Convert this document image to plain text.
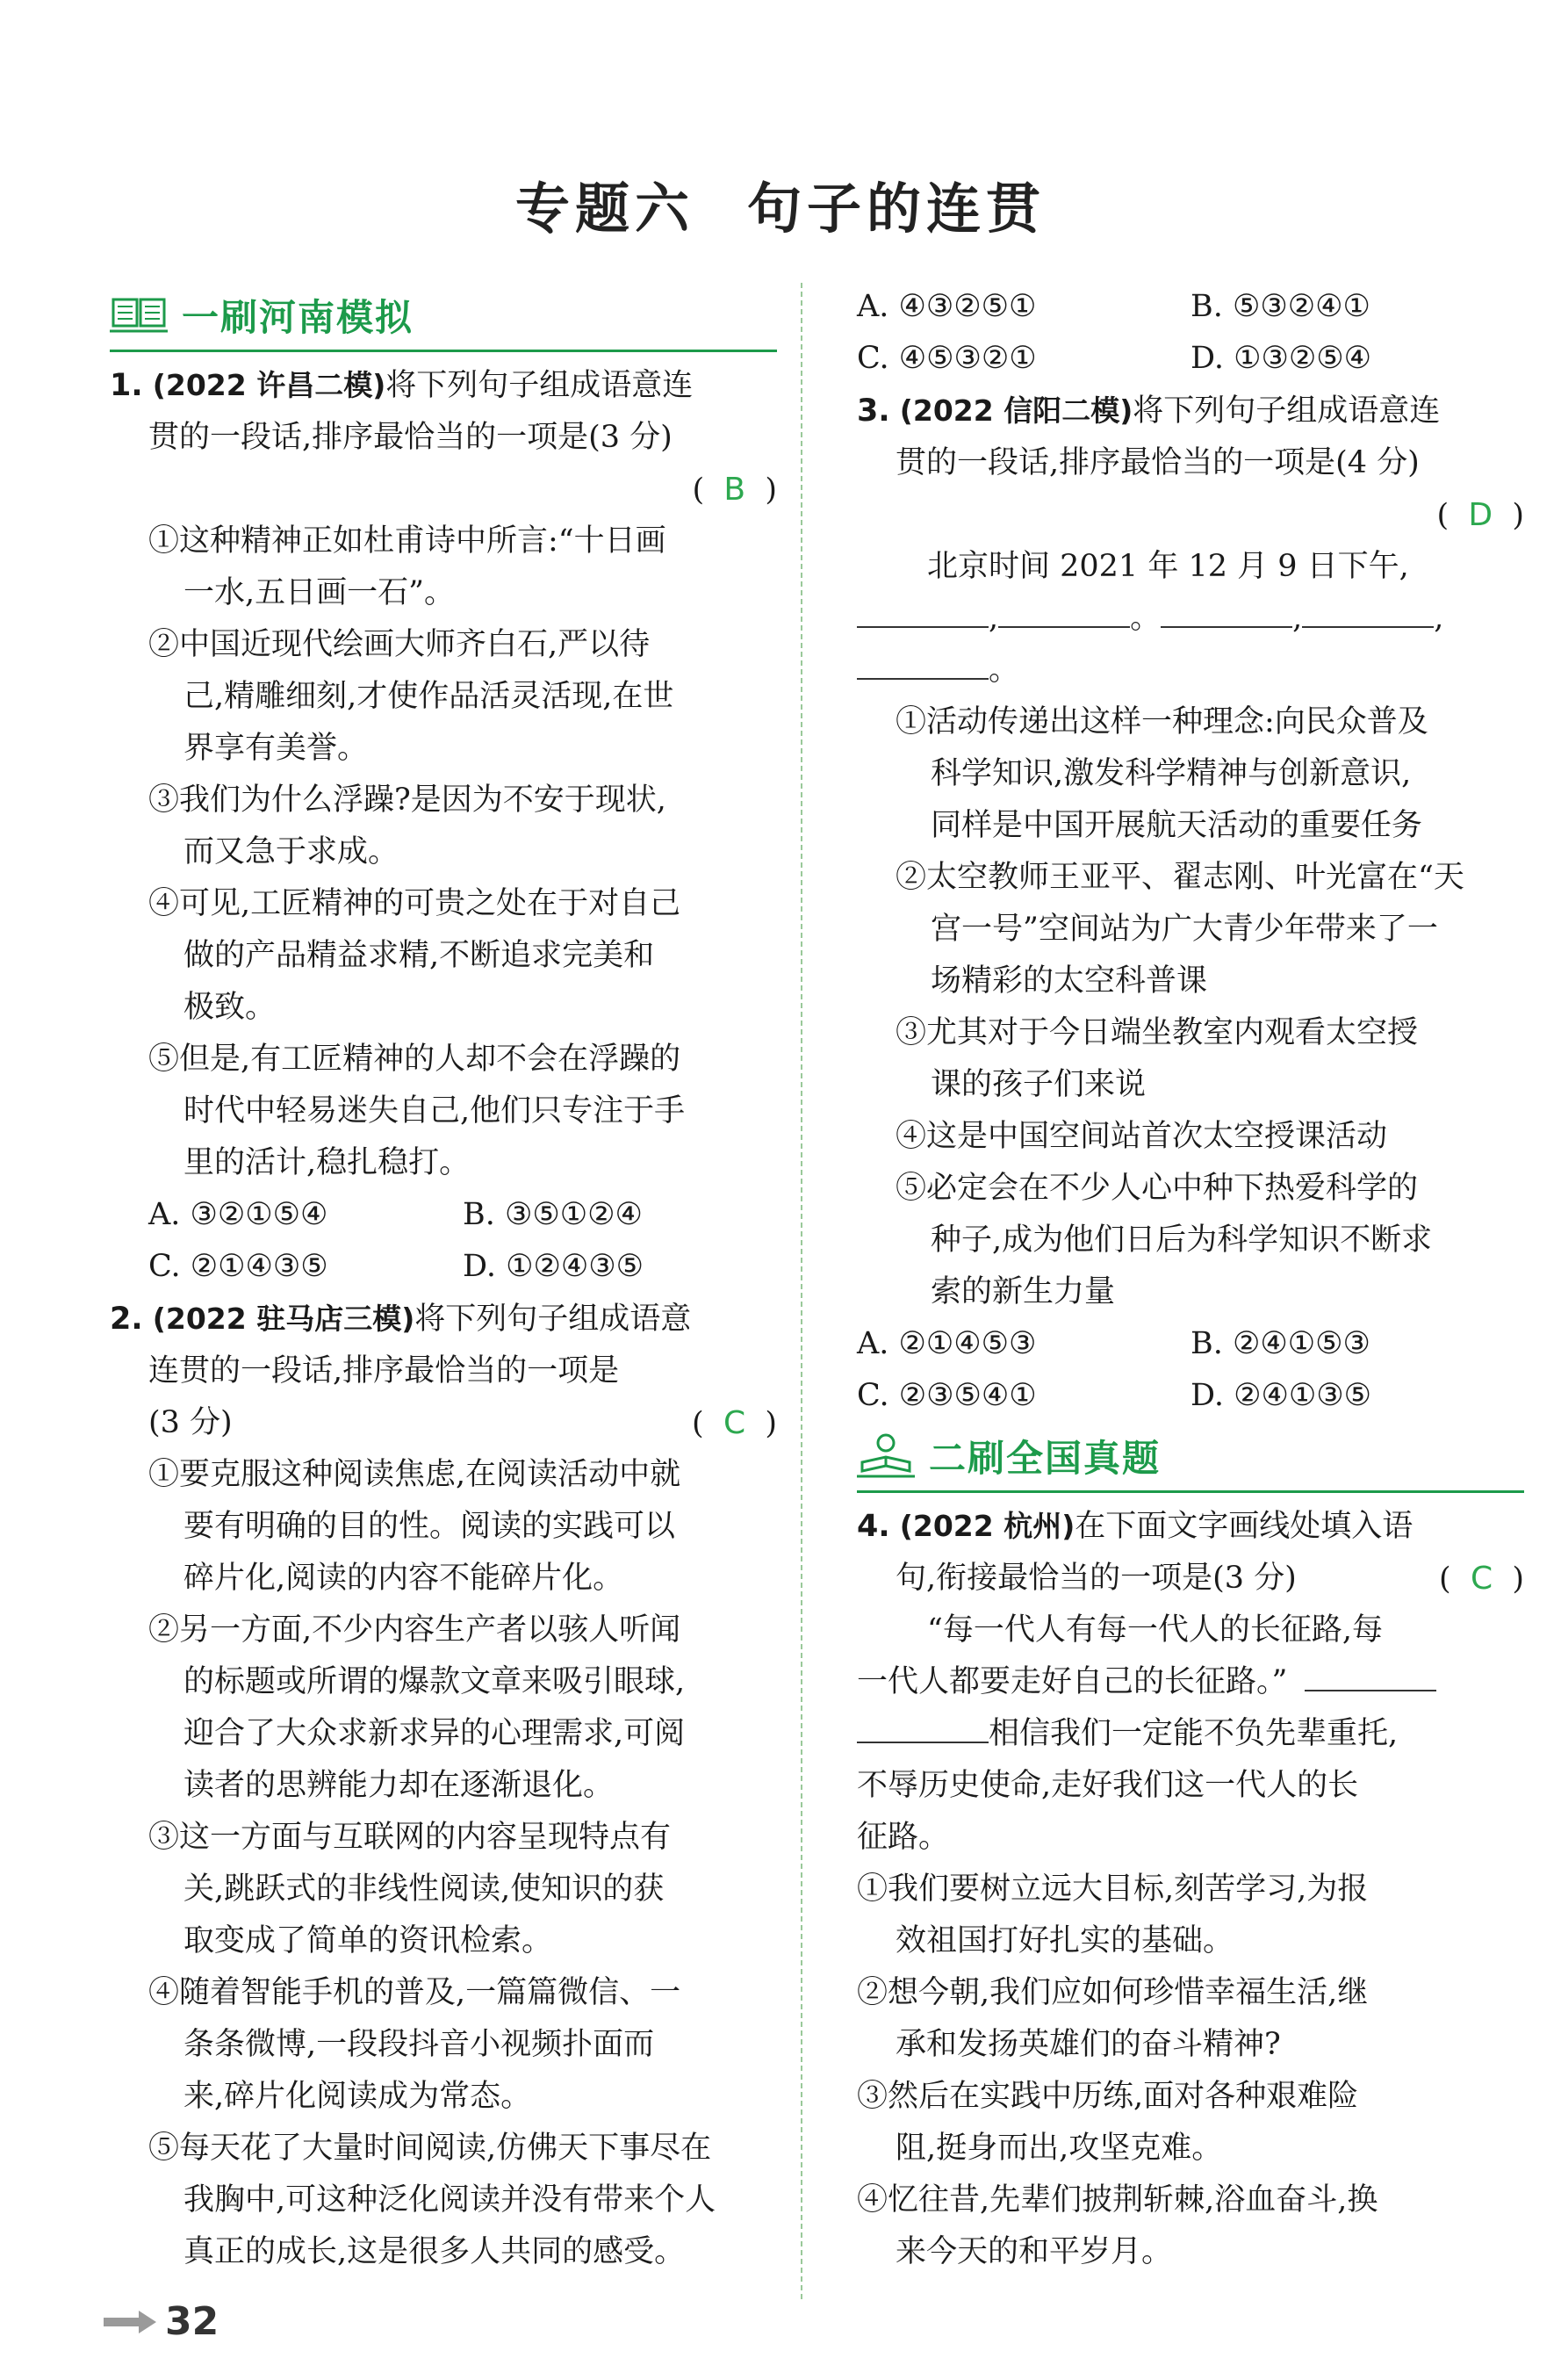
专题六 句子的连贯
一刷河南模拟
1. (2022 许昌二模)将下列句子组成语意连
贯的一段话,排序最恰当的一项是(3 分)
(  B  )

①这种精神正如杜甫诗中所言:“十日画
一水,五日画一石”。
②中国近现代绘画大师齐白石,严以待
己,精雕细刻,才使作品活灵活现,在世
界享有美誉。
③我们为什么浮躁?是因为不安于现状,
而又急于求成。
④可见,工匠精神的可贵之处在于对自己
做的产品精益求精,不断追求完美和
极致。
⑤但是,有工匠精神的人却不会在浮躁的
时代中轻易迷失自己,他们只专注于手
里的活计,稳扎稳打。
A. ③②①⑤④	B. ③⑤①②④
C. ②①④③⑤	D. ①②④③⑤
2. (2022 驻马店三模)将下列句子组成语意
连贯的一段话,排序最恰当的一项是
(3 分)	(  C  )
①要克服这种阅读焦虑,在阅读活动中就
要有明确的目的性。阅读的实践可以
碎片化,阅读的内容不能碎片化。
②另一方面,不少内容生产者以骇人听闻
的标题或所谓的爆款文章来吸引眼球,
迎合了大众求新求异的心理需求,可阅
读者的思辨能力却在逐渐退化。
③这一方面与互联网的内容呈现特点有
关,跳跃式的非线性阅读,使知识的获
取变成了简单的资讯检索。
④随着智能手机的普及,一篇篇微信、一
条条微博,一段段抖音小视频扑面而
来,碎片化阅读成为常态。
⑤每天花了大量时间阅读,仿佛天下事尽在
我胸中,可这种泛化阅读并没有带来个人
真正的成长,这是很多人共同的感受。
A. ④③②⑤①	B. ⑤③②④①
C. ④⑤③②①	D. ①③②⑤④
3. (2022 信阳二模)将下列句子组成语意连
贯的一段话,排序最恰当的一项是(4 分)
(  D  )

北京时间 2021 年 12 月 9 日下午,
,	。	,	,
。
①活动传递出这样一种理念:向民众普及
科学知识,激发科学精神与创新意识,
同样是中国开展航天活动的重要任务
②太空教师王亚平、翟志刚、叶光富在“天
宫一号”空间站为广大青少年带来了一
场精彩的太空科普课
③尤其对于今日端坐教室内观看太空授
课的孩子们来说
④这是中国空间站首次太空授课活动
⑤必定会在不少人心中种下热爱科学的
种子,成为他们日后为科学知识不断求
索的新生力量
A. ②①④⑤③	B. ②④①⑤③
C. ②③⑤④①	D. ②④①③⑤
二刷全国真题
4. (2022 杭州)在下面文字画线处填入语
句,衔接最恰当的一项是(3 分)	(  C  )
“每一代人有每一代人的长征路,每
一代人都要走好自己的长征路。”
相信我们一定能不负先辈重托,
不辱历史使命,走好我们这一代人的长
征路。
①我们要树立远大目标,刻苦学习,为报
效祖国打好扎实的基础。
②想今朝,我们应如何珍惜幸福生活,继
承和发扬英雄们的奋斗精神?
③然后在实践中历练,面对各种艰难险
阻,挺身而出,攻坚克难。
④忆往昔,先辈们披荆斩棘,浴血奋斗,换
来今天的和平岁月。
32
